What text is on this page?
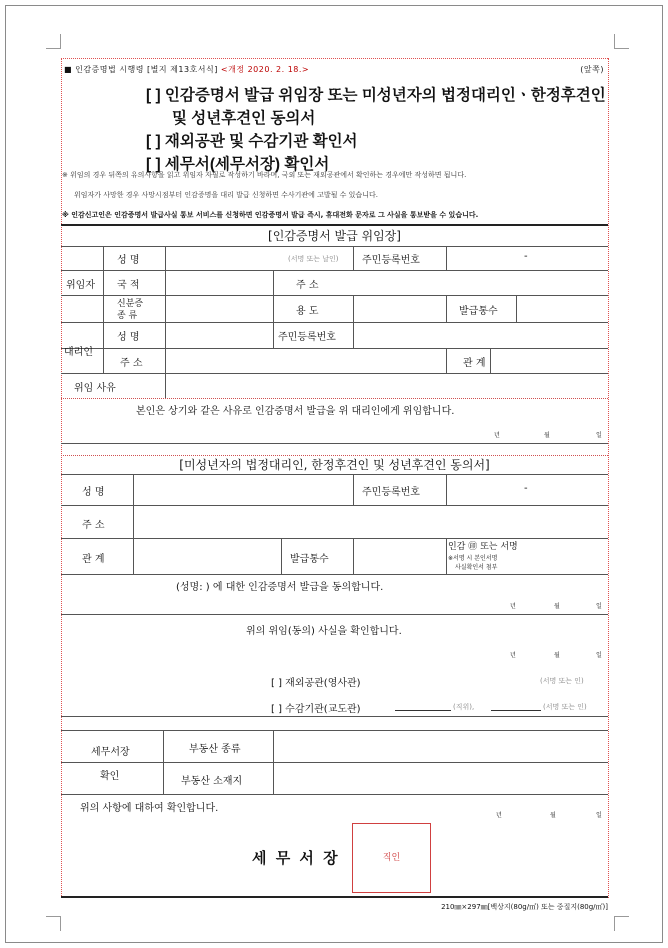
■ 인감증명법 시행령 [별지 제13호서식] <개정 2020. 2. 18.>	(앞쪽)
[ ] 인감증명서 발급 위임장 또는 미성년자의 법정대리인ㆍ한정후견인
및 성년후견인 동의서
[ ] 재외공관 및 수감기관 확인서
[ ] 세무서(세무서장) 확인서
※ 위임의 경우 뒤쪽의 유의사항을 읽고 위임자 자필로 작성하기 바라며, 국외 또는 재외공관에서 확인하는 경우에만 작성하면 됩니다.
위임자가 사망한 경우 사망시점부터 인감증명을 대리 발급 신청하면 수사기관에 고발될 수 있습니다.
※ 인감신고인은 인감증명서 발급사실 통보 서비스를 신청하면 인감증명서 발급 즉시, 휴대전화 문자로 그 사실을 통보받을 수 있습니다.
[인감증명서 발급 위임장]
위임자
성 명	(서명 또는 날인) 주민등록번호	-
국 적	주 소
신분증
종 류	용 도	발급통수
대리인
성 명	주민등록번호
주 소	관 계
위임 사유
본인은 상기와 같은 사유로 인감증명서 발급을 위 대리인에게 위임합니다.
년	월	일
[미성년자의 법정대리인, 한정후견인 및 성년후견인 동의서]
성 명	주민등록번호	-
주 소
관 계	발급통수
인감 ㊞ 또는 서명
※서명 시 본인서명
사실확인서 첨부
(성명: ) 에 대한 인감증명서 발급을 동의합니다.
년	월	일
위의 위임(동의) 사실을 확인합니다.
년	월	일
[ ] 재외공관(영사관)	(서명 또는 인)
[ ] 수감기관(교도관)	(직위),	(서명 또는 인)
세무서장
확인
부동산 종류
부동산 소재지
위의 사항에 대하여 확인합니다.
년	월	일
세 무 서 장	직인
210㎜×297㎜[백상지(80g/㎡) 또는 중질지(80g/㎡)]
